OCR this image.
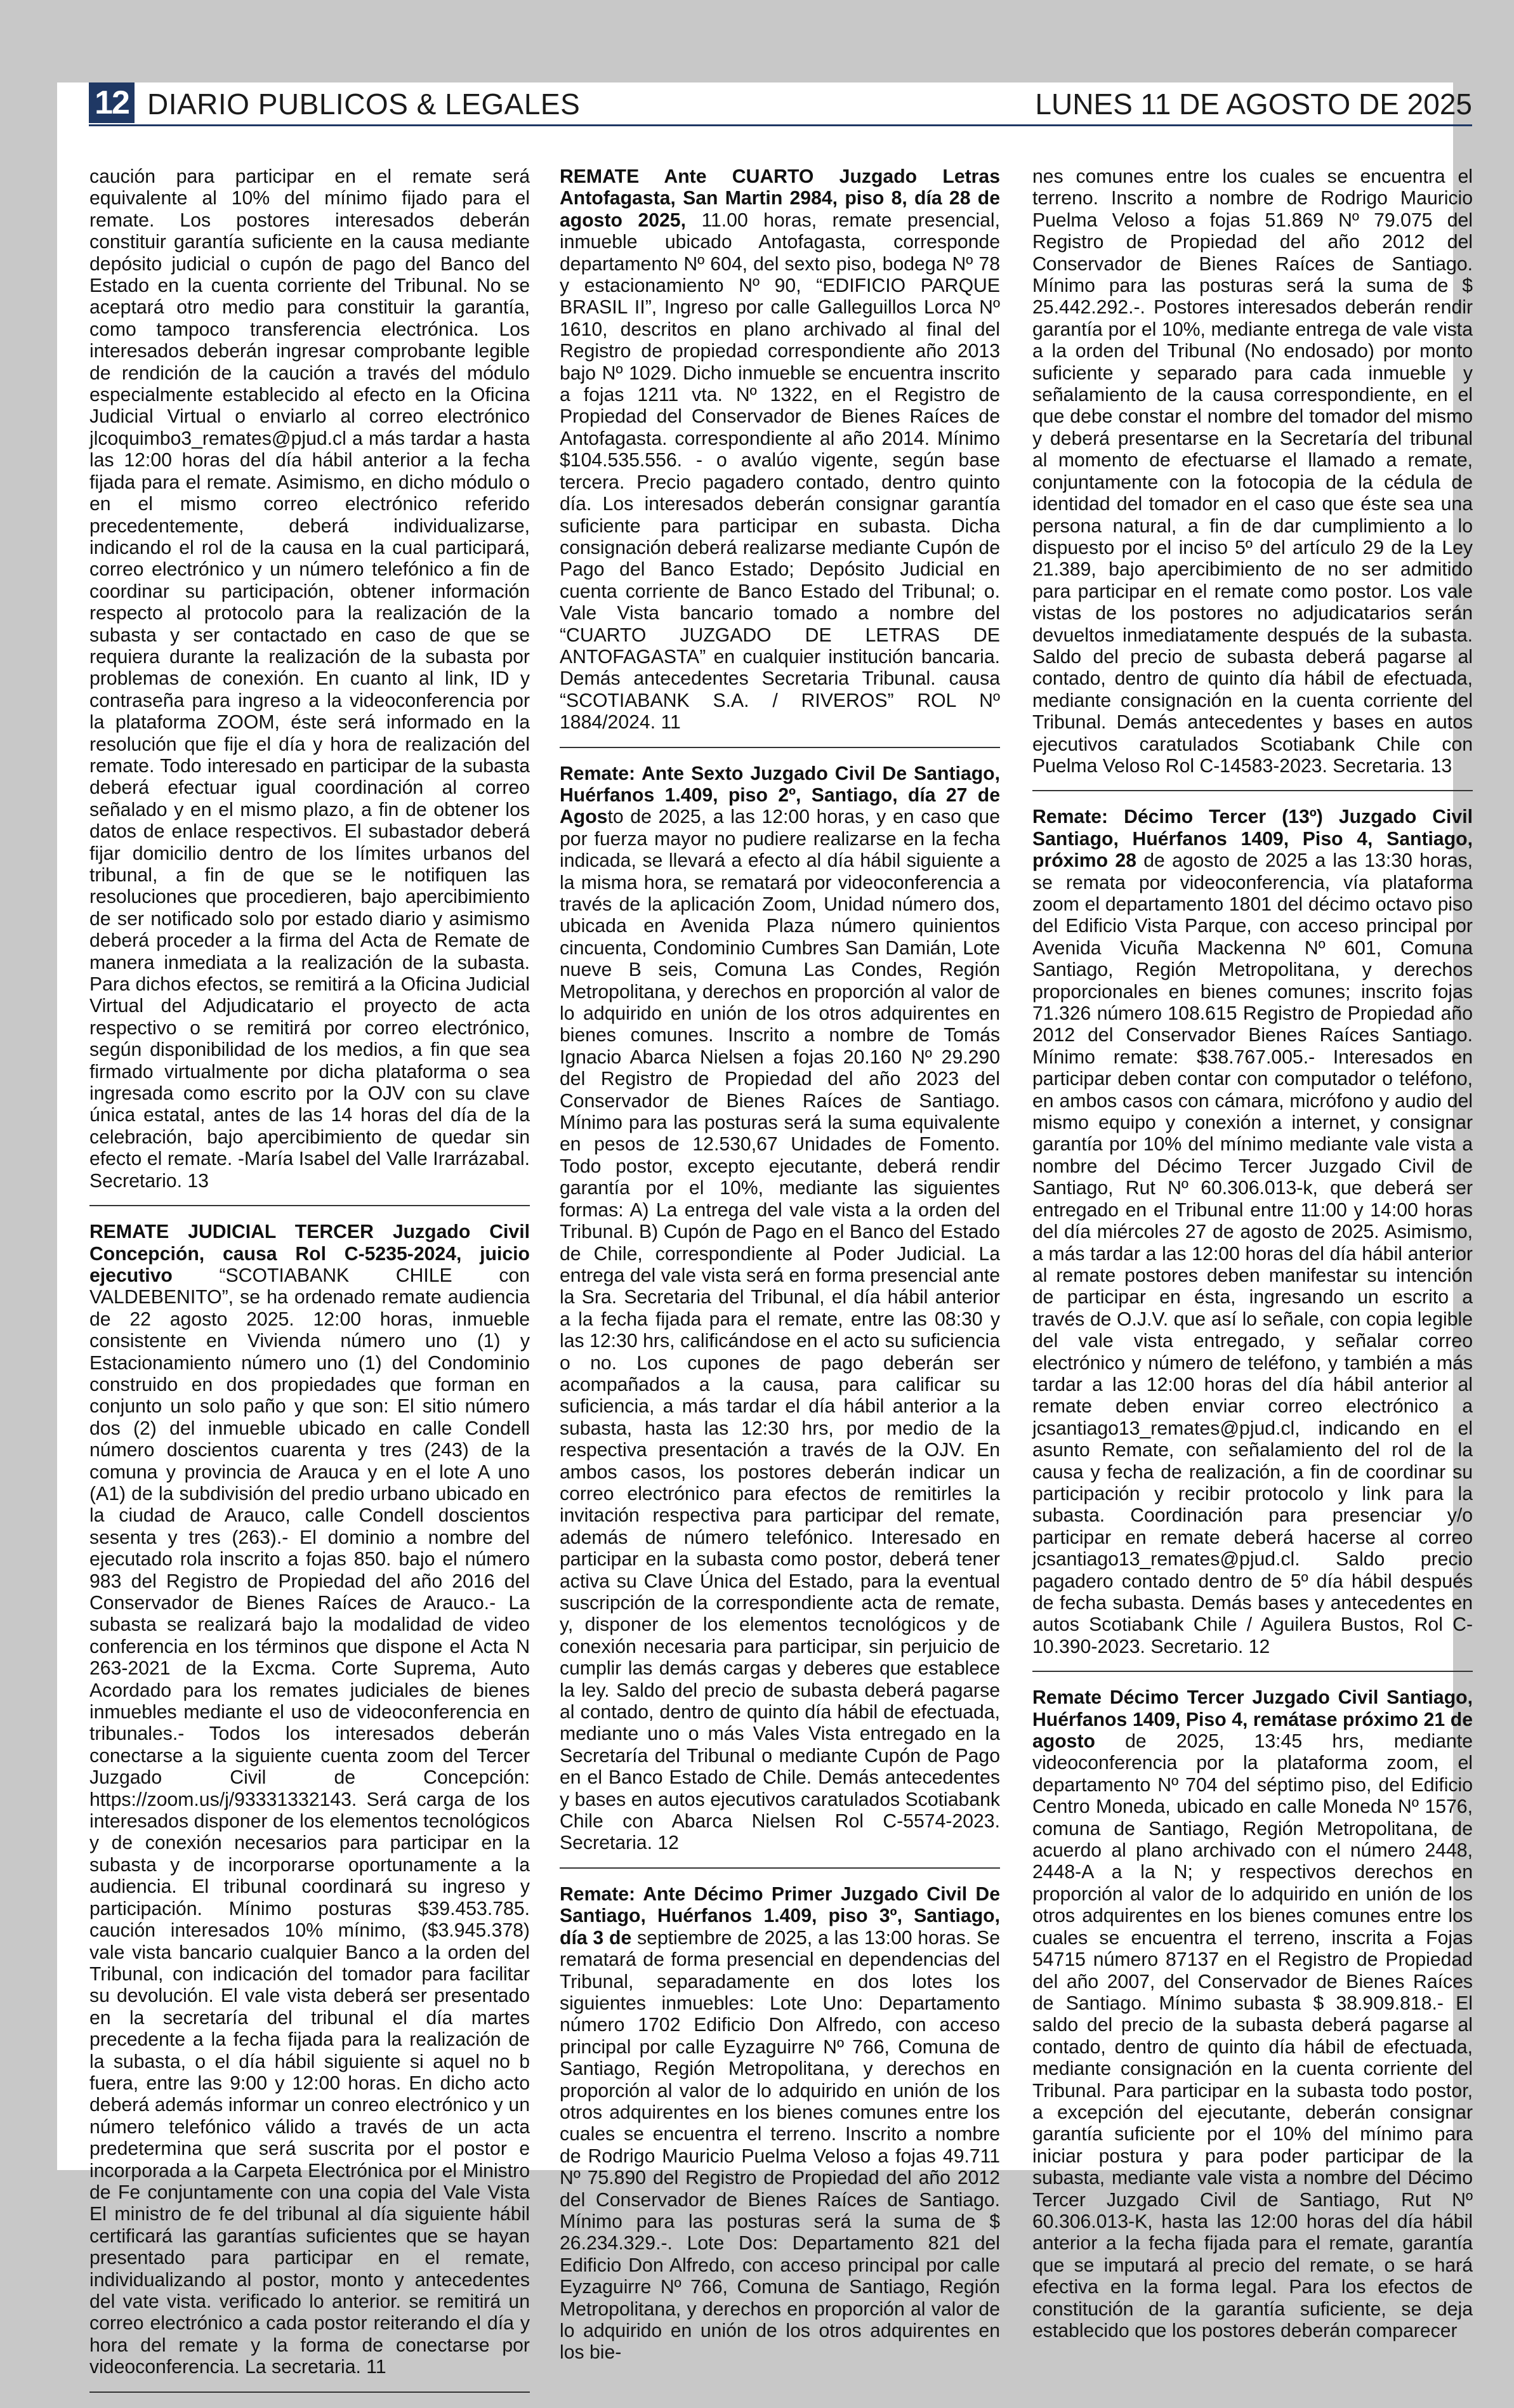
12 DIARIO PUBLICOS & LEGALES	LUNES 11 DE AGOSTO DE 2025

caución para participar en el remate será equivalente al 10% del mínimo fijado para el remate. Los postores interesados deberán constituir garantía suficiente en la causa mediante depósito judicial o cupón de pago del Banco del Estado en la cuenta corriente del Tribunal. No se aceptará otro medio para constituir la garantía, como tampoco transferencia electrónica. Los interesados deberán ingresar comprobante legible de rendición de la caución a través del módulo especialmente establecido al efecto en la Oficina Judicial Virtual o enviarlo al correo electrónico jlcoquimbo3_remates@pjud.cl a más tardar a hasta las 12:00 horas del día hábil anterior a la fecha fijada para el remate. Asimismo, en dicho módulo o en el mismo correo electrónico referido precedentemente, deberá individualizarse, indicando el rol de la causa en la cual participará, correo electrónico y un número telefónico a fin de coordinar su participación, obtener información respecto al protocolo para la realización de la subasta y ser contactado en caso de que se requiera durante la realización de la subasta por problemas de conexión. En cuanto al link, ID y contraseña para ingreso a la videoconferencia por la plataforma ZOOM, éste será informado en la resolución que fije el día y hora de realización del remate. Todo interesado en participar de la subasta deberá efectuar igual coordinación al correo señalado y en el mismo plazo, a fin de obtener los datos de enlace respectivos. El subastador deberá fijar domicilio dentro de los límites urbanos del tribunal, a fin de que se le notifiquen las resoluciones que procedieren, bajo apercibimiento de ser notificado solo por estado diario y asimismo deberá proceder a la firma del Acta de Remate de manera inmediata a la realización de la subasta. Para dichos efectos, se remitirá a la Oficina Judicial Virtual del Adjudicatario el proyecto de acta respectivo o se remitirá por correo electrónico, según disponibilidad de los medios, a fin que sea firmado virtualmente por dicha plataforma o sea ingresada como escrito por la OJV con su clave única estatal, antes de las 14 horas del día de la celebración, bajo apercibimiento de quedar sin efecto el remate. -María Isabel del Valle Irarrázabal. Secretario. 13

REMATE JUDICIAL TERCER Juzgado Civil Concepción, causa Rol C-5235-2024, juicio ejecutivo “SCOTIABANK CHILE con VALDEBENITO”, se ha ordenado remate audiencia de 22 agosto 2025. 12:00 horas, inmueble consistente en Vivienda número uno (1) y Estacionamiento número uno (1) del Condominio construido en dos propiedades que forman en conjunto un solo paño y que son: El sitio número dos (2) del inmueble ubicado en calle Condell número doscientos cuarenta y tres (243) de la comuna y provincia de Arauca y en el lote A uno (A1) de la subdivisión del predio urbano ubicado en la ciudad de Arauco, calle Condell doscientos sesenta y tres (263).- El dominio a nombre del ejecutado rola inscrito a fojas 850. bajo el número 983 del Registro de Propiedad del año 2016 del Conservador de Bienes Raíces de Arauco.- La subasta se realizará bajo la modalidad de video conferencia en los términos que dispone el Acta N 263-2021 de la Excma. Corte Suprema, Auto Acordado para los remates judiciales de bienes inmuebles mediante el uso de videoconferencia en tribunales.- Todos los interesados deberán conectarse a la siguiente cuenta zoom del Tercer Juzgado Civil de Concepción: https://zoom.us/j/93331332143. Será carga de los interesados disponer de los elementos tecnológicos y de conexión necesarios para participar en la subasta y de incorporarse oportunamente a la audiencia. El tribunal coordinará su ingreso y participación. Mínimo posturas $39.453.785. caución interesados 10% mínimo, ($3.945.378) vale vista bancario cualquier Banco a la orden del Tribunal, con indicación del tomador para facilitar su devolución. El vale vista deberá ser presentado en la secretaría del tribunal el día martes precedente a la fecha fijada para la realización de la subasta, o el día hábil siguiente si aquel no b fuera, entre las 9:00 y 12:00 horas. En dicho acto deberá además informar un conreo electrónico y un número telefónico válido a través de un acta predetermina que será suscrita por el postor e incorporada a la Carpeta Electrónica por el Ministro de Fe conjuntamente con una copia del Vale Vista El ministro de fe del tribunal al día siguiente hábil certificará las garantías suficientes que se hayan presentado para participar en el remate, individualizando al postor, monto y antecedentes del vate vista. verificado lo anterior. se remitirá un correo electrónico a cada postor reiterando el día y hora del remate y la forma de conectarse por videoconferencia. La secretaria. 11

REMATE Ante CUARTO Juzgado Letras Antofagasta, San Martin 2984, piso 8, día 28 de agosto 2025, 11.00 horas, remate presencial, inmueble ubicado Antofagasta, corresponde departamento Nº 604, del sexto piso, bodega Nº 78 y estacionamiento Nº 90, “EDIFICIO PARQUE BRASIL II”, Ingreso por calle Galleguillos Lorca Nº 1610, descritos en plano archivado al final del Registro de propiedad correspondiente año 2013 bajo Nº 1029. Dicho inmueble se encuentra inscrito a fojas 1211 vta. Nº 1322, en el Registro de Propiedad del Conservador de Bienes Raíces de Antofagasta. correspondiente al año 2014. Mínimo $104.535.556. - o avalúo vigente, según base tercera. Precio pagadero contado, dentro quinto día. Los interesados deberán consignar garantía suficiente para participar en subasta. Dicha consignación deberá realizarse mediante Cupón de Pago del Banco Estado; Depósito Judicial en cuenta corriente de Banco Estado del Tribunal; o. Vale Vista bancario tomado a nombre del “CUARTO JUZGADO DE LETRAS DE ANTOFAGASTA” en cualquier institución bancaria. Demás antecedentes Secretaria Tribunal. causa “SCOTIABANK S.A. / RIVEROS” ROL Nº 1884/2024. 11

Remate: Ante Sexto Juzgado Civil De Santiago, Huérfanos 1.409, piso 2º, Santiago, día 27 de Agosto de 2025, a las 12:00 horas, y en caso que por fuerza mayor no pudiere realizarse en la fecha indicada, se llevará a efecto al día hábil siguiente a la misma hora, se rematará por videoconferencia a través de la aplicación Zoom, Unidad número dos, ubicada en Avenida Plaza número quinientos cincuenta, Condominio Cumbres San Damián, Lote nueve B seis, Comuna Las Condes, Región Metropolitana, y derechos en proporción al valor de lo adquirido en unión de los otros adquirentes en bienes comunes. Inscrito a nombre de Tomás Ignacio Abarca Nielsen a fojas 20.160 Nº 29.290 del Registro de Propiedad del año 2023 del Conservador de Bienes Raíces de Santiago. Mínimo para las posturas será la suma equivalente en pesos de 12.530,67 Unidades de Fomento. Todo postor, excepto ejecutante, deberá rendir garantía por el 10%, mediante las siguientes formas: A) La entrega del vale vista a la orden del Tribunal. B) Cupón de Pago en el Banco del Estado de Chile, correspondiente al Poder Judicial. La entrega del vale vista será en forma presencial ante la Sra. Secretaria del Tribunal, el día hábil anterior a la fecha fijada para el remate, entre las 08:30 y las 12:30 hrs, calificándose en el acto su suficiencia o no. Los cupones de pago deberán ser acompañados a la causa, para calificar su suficiencia, a más tardar el día hábil anterior a la subasta, hasta las 12:30 hrs, por medio de la respectiva presentación a través de la OJV. En ambos casos, los postores deberán indicar un correo electrónico para efectos de remitirles la invitación respectiva para participar del remate, además de número telefónico. Interesado en participar en la subasta como postor, deberá tener activa su Clave Única del Estado, para la eventual suscripción de la correspondiente acta de remate, y, disponer de los elementos tecnológicos y de conexión necesaria para participar, sin perjuicio de cumplir las demás cargas y deberes que establece la ley. Saldo del precio de subasta deberá pagarse al contado, dentro de quinto día hábil de efectuada, mediante uno o más Vales Vista entregado en la Secretaría del Tribunal o mediante Cupón de Pago en el Banco Estado de Chile. Demás antecedentes y bases en autos ejecutivos caratulados Scotiabank Chile con Abarca Nielsen Rol C-5574-2023. Secretaria. 12

Remate: Ante Décimo Primer Juzgado Civil De Santiago, Huérfanos 1.409, piso 3º, Santiago, día 3 de septiembre de 2025, a las 13:00 horas. Se rematará de forma presencial en dependencias del Tribunal, separadamente en dos lotes los siguientes inmuebles: Lote Uno: Departamento número 1702 Edificio Don Alfredo, con acceso principal por calle Eyzaguirre Nº 766, Comuna de Santiago, Región Metropolitana, y derechos en proporción al valor de lo adquirido en unión de los otros adquirentes en los bienes comunes entre los cuales se encuentra el terreno. Inscrito a nombre de Rodrigo Mauricio Puelma Veloso a fojas 49.711 Nº 75.890 del Registro de Propiedad del año 2012 del Conservador de Bienes Raíces de Santiago. Mínimo para las posturas será la suma de $ 26.234.329.-. Lote Dos: Departamento 821 del Edificio Don Alfredo, con acceso principal por calle Eyzaguirre Nº 766, Comuna de Santiago, Región Metropolitana, y derechos en proporción al valor de lo adquirido en unión de los otros adquirentes en los bie-

nes comunes entre los cuales se encuentra el terreno. Inscrito a nombre de Rodrigo Mauricio Puelma Veloso a fojas 51.869 Nº 79.075 del Registro de Propiedad del año 2012 del Conservador de Bienes Raíces de Santiago. Mínimo para las posturas será la suma de $ 25.442.292.-. Postores interesados deberán rendir garantía por el 10%, mediante entrega de vale vista a la orden del Tribunal (No endosado) por monto suficiente y separado para cada inmueble y señalamiento de la causa correspondiente, en el que debe constar el nombre del tomador del mismo y deberá presentarse en la Secretaría del tribunal al momento de efectuarse el llamado a remate, conjuntamente con la fotocopia de la cédula de identidad del tomador en el caso que éste sea una persona natural, a fin de dar cumplimiento a lo dispuesto por el inciso 5º del artículo 29 de la Ley 21.389, bajo apercibimiento de no ser admitido para participar en el remate como postor. Los vale vistas de los postores no adjudicatarios serán devueltos inmediatamente después de la subasta. Saldo del precio de subasta deberá pagarse al contado, dentro de quinto día hábil de efectuada, mediante consignación en la cuenta corriente del Tribunal. Demás antecedentes y bases en autos ejecutivos caratulados Scotiabank Chile con Puelma Veloso Rol C-14583-2023. Secretaria. 13

Remate: Décimo Tercer (13º) Juzgado Civil Santiago, Huérfanos 1409, Piso 4, Santiago, próximo 28 de agosto de 2025 a las 13:30 horas, se remata por videoconferencia, vía plataforma zoom el departamento 1801 del décimo octavo piso del Edificio Vista Parque, con acceso principal por Avenida Vicuña Mackenna Nº 601, Comuna Santiago, Región Metropolitana, y derechos proporcionales en bienes comunes; inscrito fojas 71.326 número 108.615 Registro de Propiedad año 2012 del Conservador Bienes Raíces Santiago. Mínimo remate: $38.767.005.- Interesados en participar deben contar con computador o teléfono, en ambos casos con cámara, micrófono y audio del mismo equipo y conexión a internet, y consignar garantía por 10% del mínimo mediante vale vista a nombre del Décimo Tercer Juzgado Civil de Santiago, Rut Nº 60.306.013-k, que deberá ser entregado en el Tribunal entre 11:00 y 14:00 horas del día miércoles 27 de agosto de 2025. Asimismo, a más tardar a las 12:00 horas del día hábil anterior al remate postores deben manifestar su intención de participar en ésta, ingresando un escrito a través de O.J.V. que así lo señale, con copia legible del vale vista entregado, y señalar correo electrónico y número de teléfono, y también a más tardar a las 12:00 horas del día hábil anterior al remate deben enviar correo electrónico a jcsantiago13_remates@pjud.cl, indicando en el asunto Remate, con señalamiento del rol de la causa y fecha de realización, a fin de coordinar su participación y recibir protocolo y link para la subasta. Coordinación para presenciar y/o participar en remate deberá hacerse al correo jcsantiago13_remates@pjud.cl. Saldo precio pagadero contado dentro de 5º día hábil después de fecha subasta. Demás bases y antecedentes en autos Scotiabank Chile / Aguilera Bustos, Rol C-10.390-2023. Secretario. 12

Remate Décimo Tercer Juzgado Civil Santiago, Huérfanos 1409, Piso 4, remátase próximo 21 de agosto de 2025, 13:45 hrs, mediante videoconferencia por la plataforma zoom, el departamento Nº 704 del séptimo piso, del Edificio Centro Moneda, ubicado en calle Moneda Nº 1576, comuna de Santiago, Región Metropolitana, de acuerdo al plano archivado con el número 2448, 2448-A a la N; y respectivos derechos en proporción al valor de lo adquirido en unión de los otros adquirentes en los bienes comunes entre los cuales se encuentra el terreno, inscrita a Fojas 54715 número 87137 en el Registro de Propiedad del año 2007, del Conservador de Bienes Raíces de Santiago. Mínimo subasta $ 38.909.818.- El saldo del precio de la subasta deberá pagarse al contado, dentro de quinto día hábil de efectuada, mediante consignación en la cuenta corriente del Tribunal. Para participar en la subasta todo postor, a excepción del ejecutante, deberán consignar garantía suficiente por el 10% del mínimo para iniciar postura y para poder participar de la subasta, mediante vale vista a nombre del Décimo Tercer Juzgado Civil de Santiago, Rut Nº 60.306.013-K, hasta las 12:00 horas del día hábil anterior a la fecha fijada para el remate, garantía que se imputará al precio del remate, o se hará efectiva en la forma legal. Para los efectos de constitución de la garantía suficiente, se deja establecido que los postores deberán comparecer
